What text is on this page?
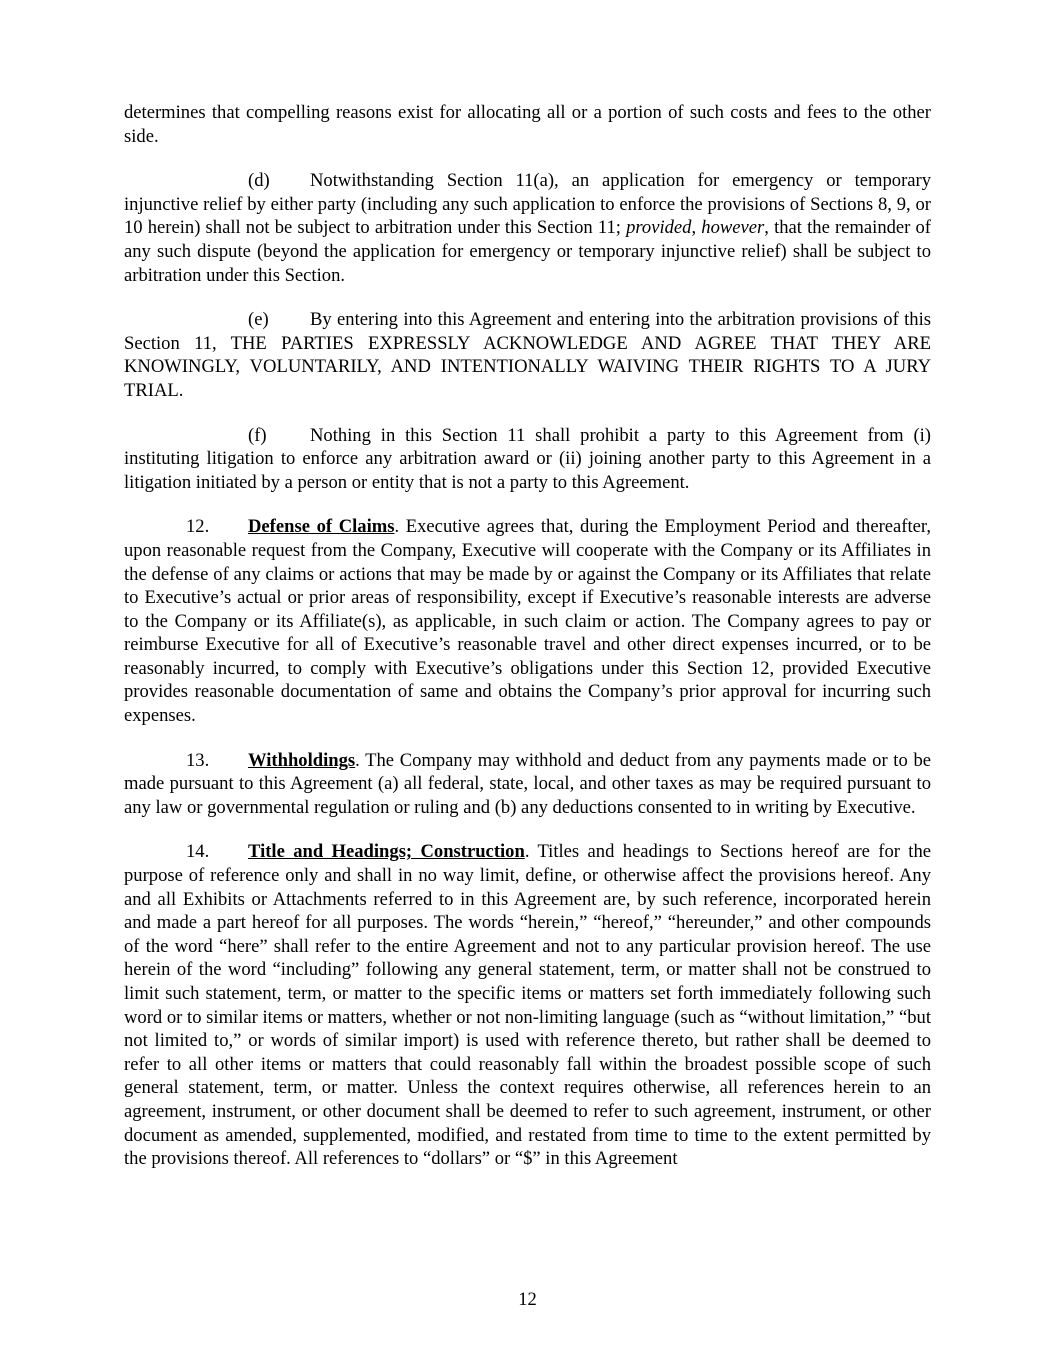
determines that compelling reasons exist for allocating all or a portion of such costs and fees to the other side.

(d) Notwithstanding Section 11(a), an application for emergency or temporary injunctive relief by either party (including any such application to enforce the provisions of Sections 8, 9, or 10 herein) shall not be subject to arbitration under this Section 11; provided, however, that the remainder of any such dispute (beyond the application for emergency or temporary injunctive relief) shall be subject to arbitration under this Section.

(e) By entering into this Agreement and entering into the arbitration provisions of this Section 11, THE PARTIES EXPRESSLY ACKNOWLEDGE AND AGREE THAT THEY ARE KNOWINGLY, VOLUNTARILY, AND INTENTIONALLY WAIVING THEIR RIGHTS TO A JURY TRIAL.

(f) Nothing in this Section 11 shall prohibit a party to this Agreement from (i) instituting litigation to enforce any arbitration award or (ii) joining another party to this Agreement in a litigation initiated by a person or entity that is not a party to this Agreement.

12. Defense of Claims. Executive agrees that, during the Employment Period and thereafter, upon reasonable request from the Company, Executive will cooperate with the Company or its Affiliates in the defense of any claims or actions that may be made by or against the Company or its Affiliates that relate to Executive’s actual or prior areas of responsibility, except if Executive’s reasonable interests are adverse to the Company or its Affiliate(s), as applicable, in such claim or action. The Company agrees to pay or reimburse Executive for all of Executive’s reasonable travel and other direct expenses incurred, or to be reasonably incurred, to comply with Executive’s obligations under this Section 12, provided Executive provides reasonable documentation of same and obtains the Company’s prior approval for incurring such expenses.

13. Withholdings. The Company may withhold and deduct from any payments made or to be made pursuant to this Agreement (a) all federal, state, local, and other taxes as may be required pursuant to any law or governmental regulation or ruling and (b) any deductions consented to in writing by Executive.

14. Title and Headings; Construction. Titles and headings to Sections hereof are for the purpose of reference only and shall in no way limit, define, or otherwise affect the provisions hereof. Any and all Exhibits or Attachments referred to in this Agreement are, by such reference, incorporated herein and made a part hereof for all purposes. The words “herein,” “hereof,” “hereunder,” and other compounds of the word “here” shall refer to the entire Agreement and not to any particular provision hereof. The use herein of the word “including” following any general statement, term, or matter shall not be construed to limit such statement, term, or matter to the specific items or matters set forth immediately following such word or to similar items or matters, whether or not non-limiting language (such as “without limitation,” “but not limited to,” or words of similar import) is used with reference thereto, but rather shall be deemed to refer to all other items or matters that could reasonably fall within the broadest possible scope of such general statement, term, or matter. Unless the context requires otherwise, all references herein to an agreement, instrument, or other document shall be deemed to refer to such agreement, instrument, or other document as amended, supplemented, modified, and restated from time to time to the extent permitted by the provisions thereof. All references to “dollars” or “$” in this Agreement

12
